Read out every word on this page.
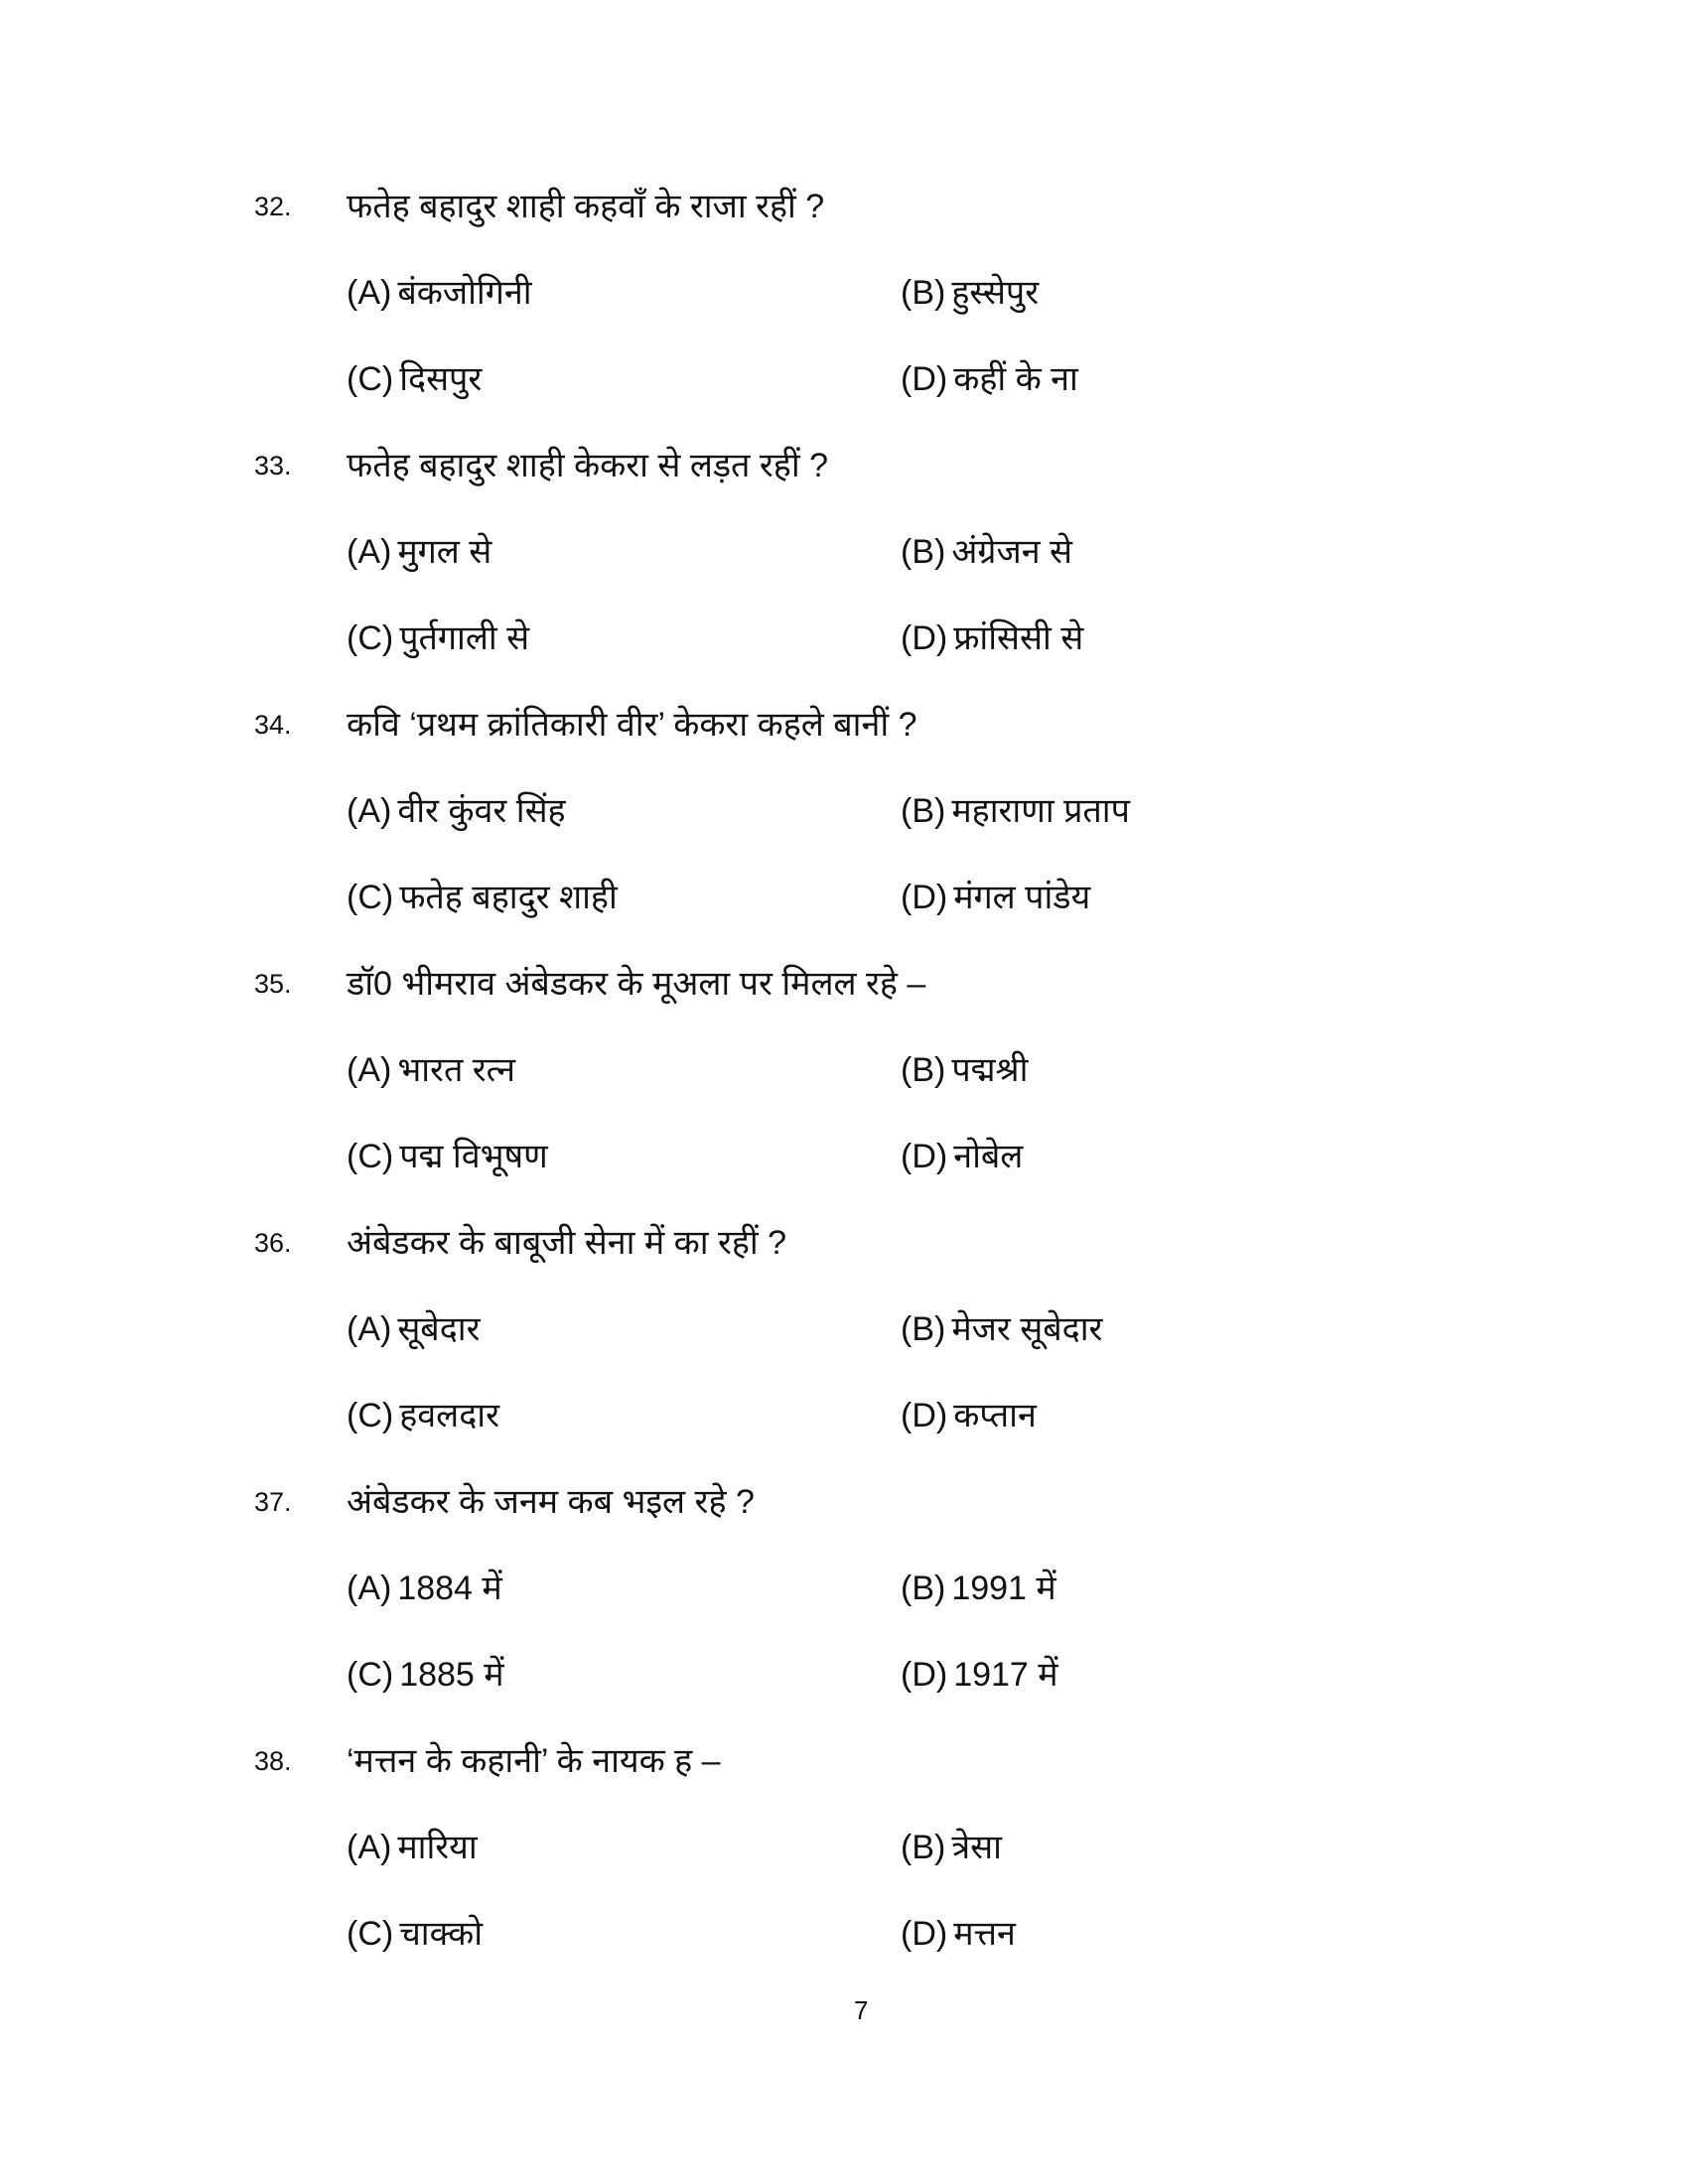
32. फतेह बहादुर शाही कहवाँ के राजा रहीं ?
(A) बंकजोगिनी	(B) हुस्सेपुर
(C) दिसपुर	(D) कहीं के ना
33. फतेह बहादुर शाही केकरा से लड़त रहीं ?
(A) मुगल से	(B) अंग्रेजन से
(C) पुर्तगाली से	(D) फ्रांसिसी से
34. कवि ‘प्रथम क्रांतिकारी वीर’ केकरा कहले बानीं ?
(A) वीर कुंवर सिंह	(B) महाराणा प्रताप
(C) फतेह बहादुर शाही	(D) मंगल पांडेय
35. डॉ0 भीमराव अंबेडकर के मूअला पर मिलल रहे –
(A) भारत रत्न	(B) पद्मश्री
(C) पद्म विभूषण	(D) नोबेल
36. अंबेडकर के बाबूजी सेना में का रहीं ?
(A) सूबेदार	(B) मेजर सूबेदार
(C) हवलदार	(D) कप्तान
37. अंबेडकर के जनम कब भइल रहे ?
(A) 1884 में	(B) 1991 में
(C) 1885 में	(D) 1917 में
38. ‘मत्तन के कहानी’ के नायक ह –
(A) मारिया	(B) त्रेसा
(C) चाक्को	(D) मत्तन
7
